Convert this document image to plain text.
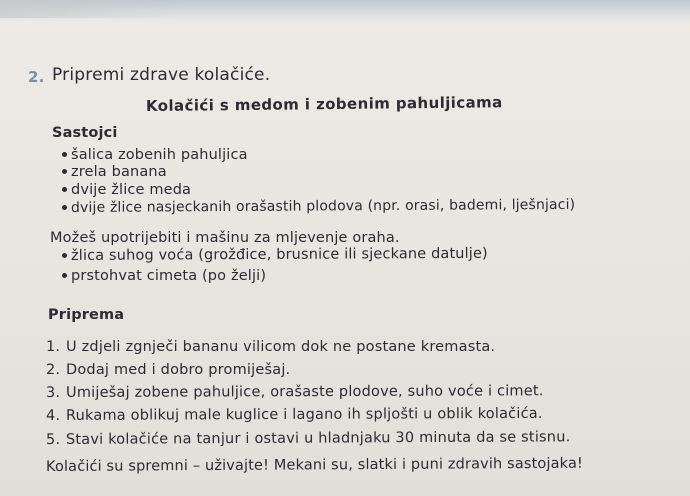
2. Pripremi zdrave kolačiće.
Kolačići s medom i zobenim pahuljicama
Sastojci
šalica zobenih pahuljica
zrela banana
dvije žlice meda
dvije žlice nasjeckanih orašastih plodova (npr. orasi, bademi, lješnjaci)
Možeš upotrijebiti i mašinu za mljevenje oraha.
žlica suhog voća (grožđice, brusnice ili sjeckane datulje)
prstohvat cimeta (po želji)
Priprema
1. U zdjeli zgnječi bananu vilicom dok ne postane kremasta.
2. Dodaj med i dobro promiješaj.
3. Umiješaj zobene pahuljice, orašaste plodove, suho voće i cimet.
4. Rukama oblikuj male kuglice i lagano ih spljošti u oblik kolačića.
5. Stavi kolačiće na tanjur i ostavi u hladnjaku 30 minuta da se stisnu.
Kolačići su spremni – uživajte! Mekani su, slatki i puni zdravih sastojaka!
